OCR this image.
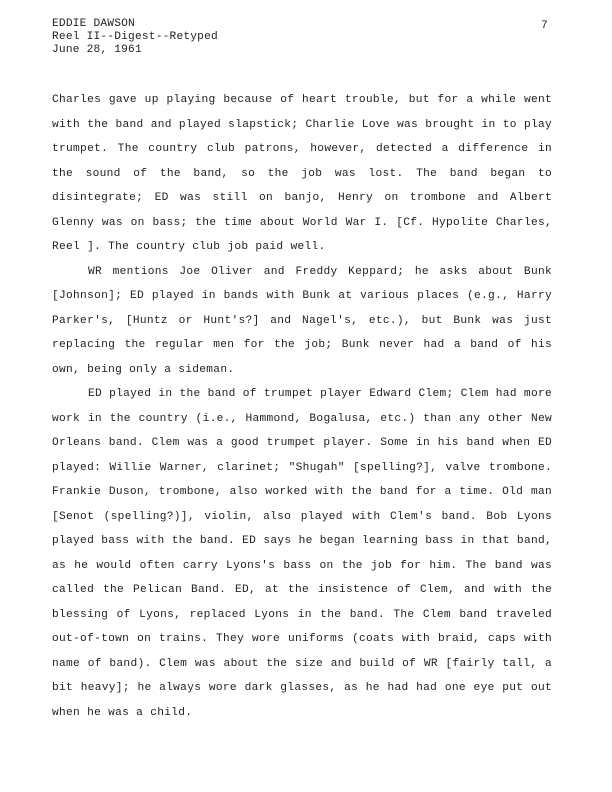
EDDIE DAWSON
Reel II--Digest--Retyped
June 28, 1961
7

Charles gave up playing because of heart trouble, but for a while went with the band and played slapstick; Charlie Love was brought in to play trumpet. The country club patrons, however, detected a difference in the sound of the band, so the job was lost. The band began to disintegrate; ED was still on banjo, Henry on trombone and Albert Glenny was on bass; the time about World War I. [Cf. Hypolite Charles, Reel ]. The country club job paid well.

WR mentions Joe Oliver and Freddy Keppard; he asks about Bunk [Johnson]; ED played in bands with Bunk at various places (e.g., Harry Parker's, [Huntz or Hunt's?] and Nagel's, etc.), but Bunk was just replacing the regular men for the job; Bunk never had a band of his own, being only a sideman.

ED played in the band of trumpet player Edward Clem; Clem had more work in the country (i.e., Hammond, Bogalusa, etc.) than any other New Orleans band. Clem was a good trumpet player. Some in his band when ED played: Willie Warner, clarinet; "Shugah" [spelling?], valve trombone. Frankie Duson, trombone, also worked with the band for a time. Old man [Senot (spelling?)], violin, also played with Clem's band. Bob Lyons played bass with the band. ED says he began learning bass in that band, as he would often carry Lyons's bass on the job for him. The band was called the Pelican Band. ED, at the insistence of Clem, and with the blessing of Lyons, replaced Lyons in the band. The Clem band traveled out-of-town on trains. They wore uniforms (coats with braid, caps with name of band). Clem was about the size and build of WR [fairly tall, a bit heavy]; he always wore dark glasses, as he had had one eye put out when he was a child.
